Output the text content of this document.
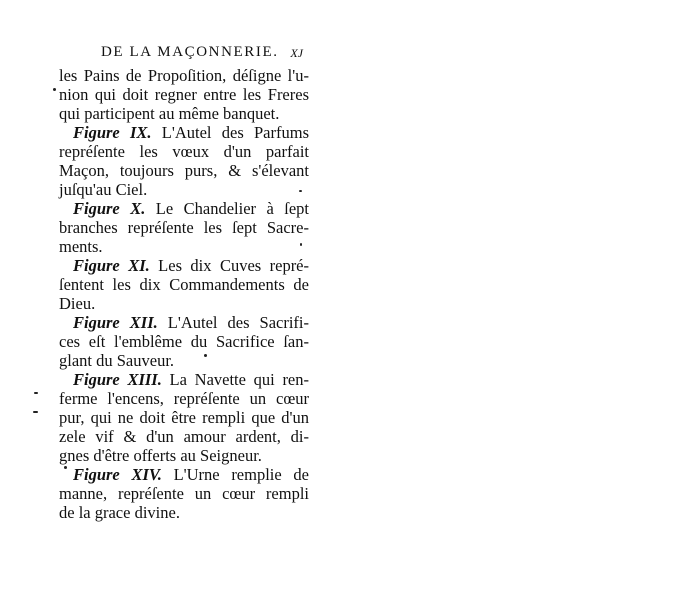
DE LA MAÇONNERIE. xj
les Pains de Propoſition, déſigne l'u-
nion qui doit regner entre les Freres
qui participent au même banquet.
Figure IX. L'Autel des Parfums
repréſente les vœux d'un parfait
Maçon, toujours purs, & s'élevant
juſqu'au Ciel.
Figure X. Le Chandelier à ſept
branches repréſente les ſept Sacre-
ments.
Figure XI. Les dix Cuves repré-
ſentent les dix Commandements de
Dieu.
Figure XII. L'Autel des Sacrifi-
ces eſt l'emblême du Sacrifice ſan-
glant du Sauveur.
Figure XIII. La Navette qui ren-
ferme l'encens, repréſente un cœur
pur, qui ne doit être rempli que d'un
zele vif & d'un amour ardent, di-
gnes d'être offerts au Seigneur.
Figure XIV. L'Urne remplie de
manne, repréſente un cœur rempli
de la grace divine.
